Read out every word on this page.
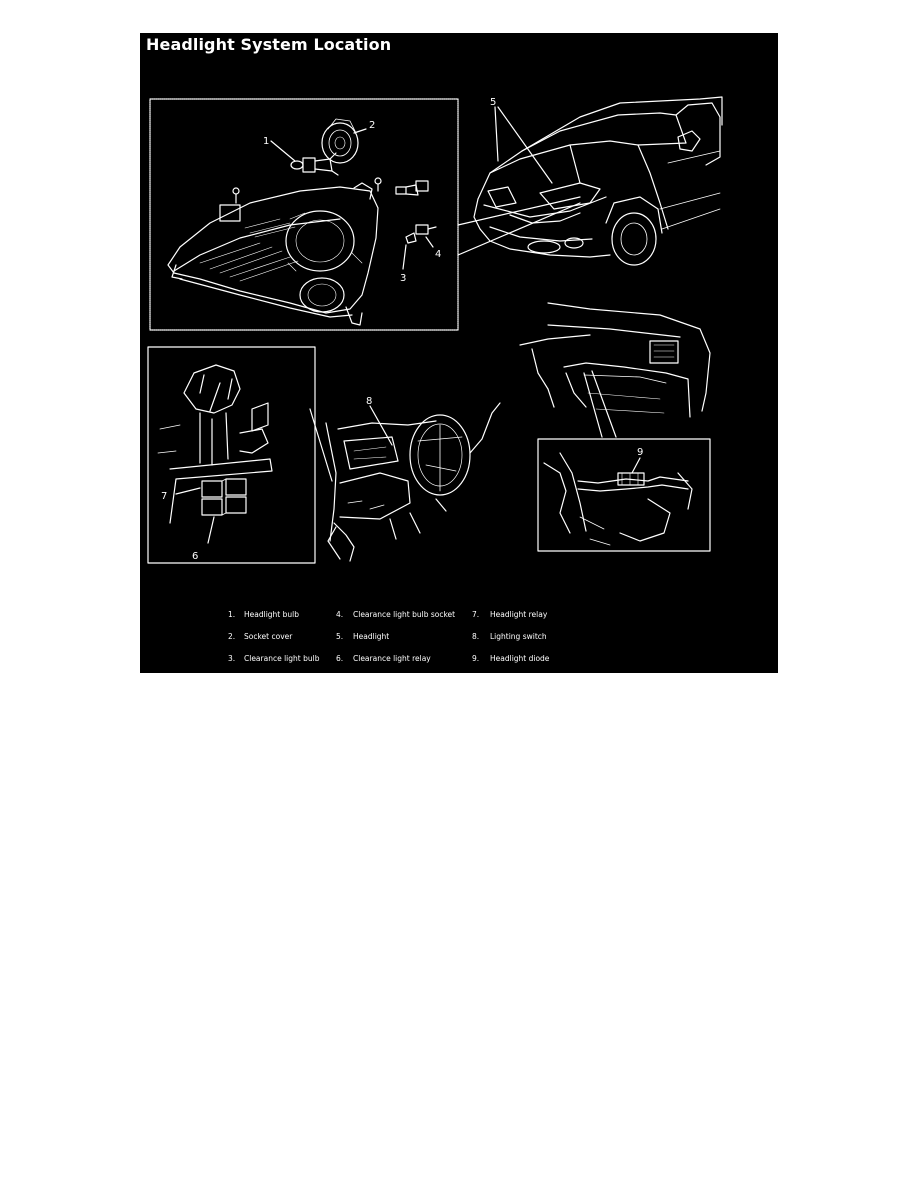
Headlight System Location
1
2
3
4
5
6
7
8
9
1. Headlight bulb
2. Socket cover
3. Clearance light bulb
4. Clearance light bulb socket
5. Headlight
6. Clearance light relay
7. Headlight relay
8. Lighting switch
9. Headlight diode
